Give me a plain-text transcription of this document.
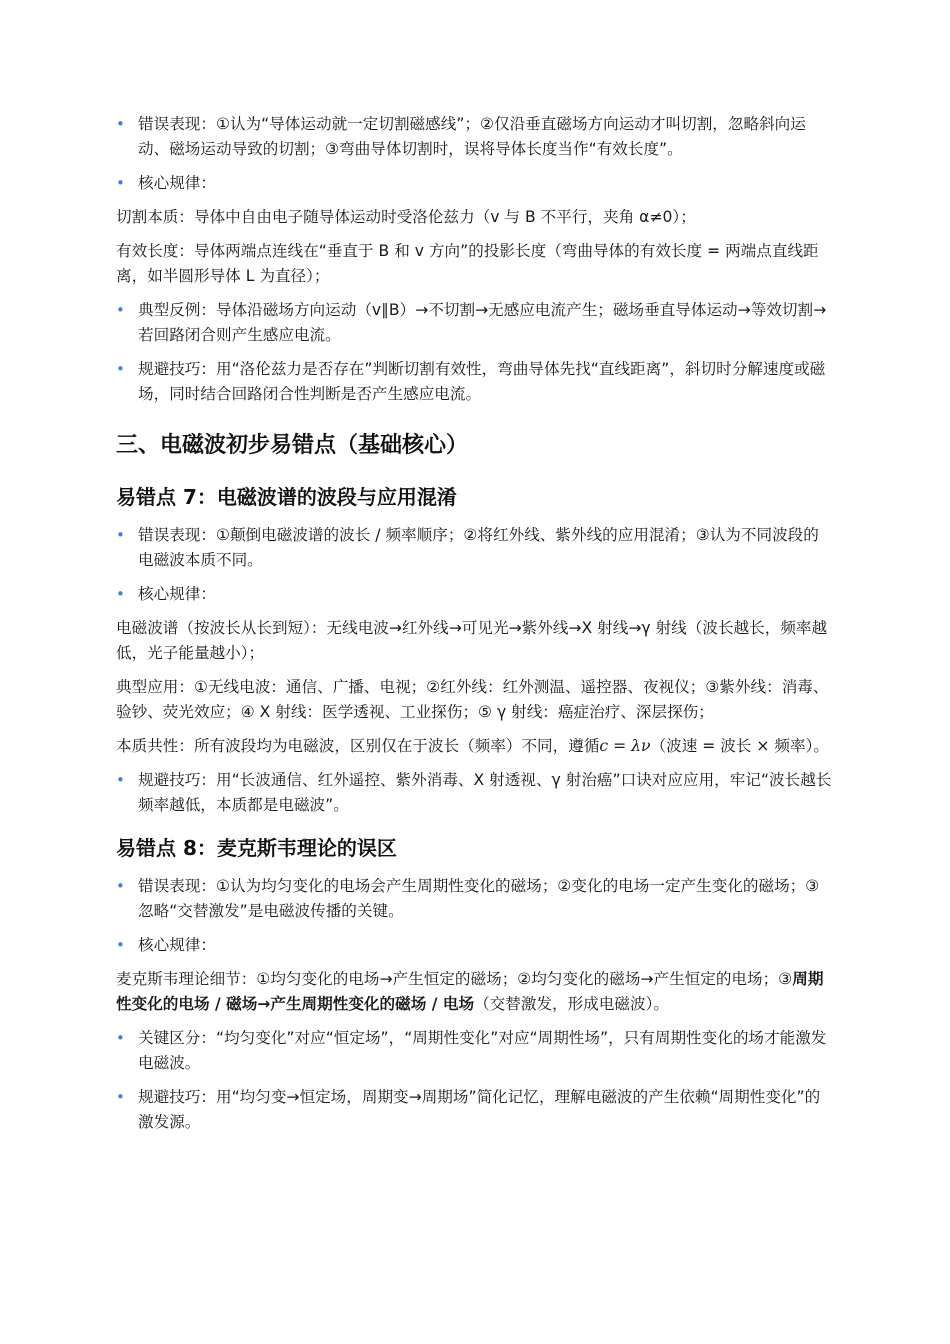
• 错误表现：①认为“导体运动就一定切割磁感线”；②仅沿垂直磁场方向运动才叫切割，忽略斜向运动、磁场运动导致的切割；③弯曲导体切割时，误将导体长度当作“有效长度”。
• 核心规律：

切割本质：导体中自由电子随导体运动时受洛伦兹力（v 与 B 不平行，夹角 α≠0）；

有效长度：导体两端点连线在“垂直于 B 和 v 方向”的投影长度（弯曲导体的有效长度 = 两端点直线距离，如半圆形导体 L 为直径）；

• 典型反例：导体沿磁场方向运动（v∥B）→不切割→无感应电流产生；磁场垂直导体运动→等效切割→若回路闭合则产生感应电流。
• 规避技巧：用“洛伦兹力是否存在”判断切割有效性，弯曲导体先找“直线距离”，斜切时分解速度或磁场，同时结合回路闭合性判断是否产生感应电流。
三、电磁波初步易错点（基础核心）
易错点 7：电磁波谱的波段与应用混淆
• 错误表现：①颠倒电磁波谱的波长 / 频率顺序；②将红外线、紫外线的应用混淆；③认为不同波段的电磁波本质不同。
• 核心规律：

电磁波谱（按波长从长到短）：无线电波→红外线→可见光→紫外线→X 射线→γ 射线（波长越长，频率越低，光子能量越小）；

典型应用：①无线电波：通信、广播、电视；②红外线：红外测温、遥控器、夜视仪；③紫外线：消毒、验钞、荧光效应；④ X 射线：医学透视、工业探伤；⑤ γ 射线：癌症治疗、深层探伤；

本质共性：所有波段均为电磁波，区别仅在于波长（频率）不同，遵循c = λν（波速 = 波长 × 频率）。

• 规避技巧：用“长波通信、红外遥控、紫外消毒、X 射透视、γ 射治癌”口诀对应应用，牢记“波长越长频率越低，本质都是电磁波”。
易错点 8：麦克斯韦理论的误区
• 错误表现：①认为均匀变化的电场会产生周期性变化的磁场；②变化的电场一定产生变化的磁场；③忽略“交替激发”是电磁波传播的关键。
• 核心规律：

麦克斯韦理论细节：①均匀变化的电场→产生恒定的磁场；②均匀变化的磁场→产生恒定的电场；③周期性变化的电场 / 磁场→产生周期性变化的磁场 / 电场（交替激发，形成电磁波）。

• 关键区分：“均匀变化”对应“恒定场”，“周期性变化”对应“周期性场”，只有周期性变化的场才能激发电磁波。
• 规避技巧：用“均匀变→恒定场，周期变→周期场”简化记忆，理解电磁波的产生依赖“周期性变化”的激发源。
